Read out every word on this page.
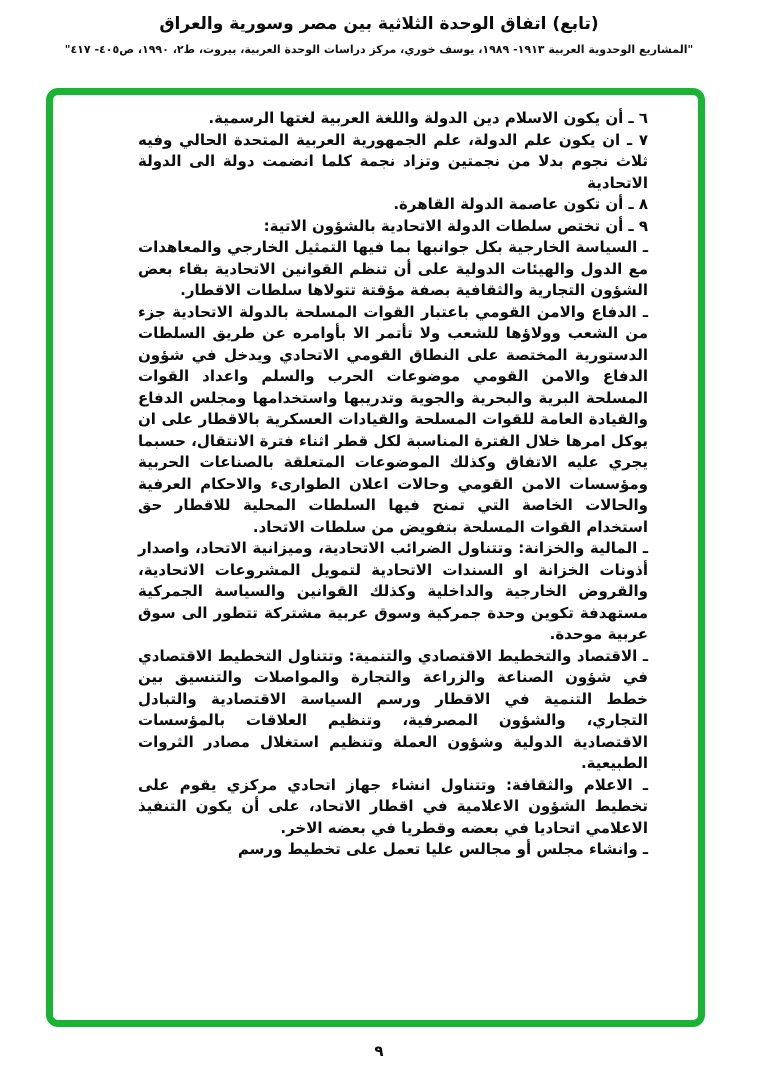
(تابع) اتفاق الوحدة الثلاثية بين مصر وسورية والعراق
"المشاريع الوحدوية العربية ١٩١٣- ١٩٨٩، يوسف خوري، مركز دراسات الوحدة العربية، بيروت، ط٢، ١٩٩٠، ص٤٠٥- ٤١٧"

٦ ـ أن يكون الاسلام دين الدولة واللغة العربية لغتها الرسمية.

٧ ـ ان يكون علم الدولة، علم الجمهورية العربية المتحدة الحالي وفيه ثلاث نجوم بدلا من نجمتين وتزاد نجمة كلما انضمت دولة الى الدولة الاتحادية

٨ ـ أن تكون عاصمة الدولة القاهرة.

٩ ـ أن تختص سلطات الدولة الاتحادية بالشؤون الاتية:

ـ السياسة الخارجية بكل جوانبها بما فيها التمثيل الخارجي والمعاهدات مع الدول والهيئات الدولية على أن تنظم القوانين الاتحادية بقاء بعض الشؤون التجارية والثقافية بصفة مؤقتة تتولاها سلطات الاقطار.

ـ الدفاع والامن القومي باعتبار القوات المسلحة بالدولة الاتحادية جزء من الشعب وولاؤها للشعب ولا تأتمر الا بأوامره عن طريق السلطات الدستورية المختصة على النطاق القومي الاتحادي ويدخل في شؤون الدفاع والامن القومي موضوعات الحرب والسلم واعداد القوات المسلحة البرية والبحرية والجوية وتدريبها واستخدامها ومجلس الدفاع والقيادة العامة للقوات المسلحة والقيادات العسكرية بالاقطار على ان يوكل امرها خلال الفترة المناسبة لكل قطر اثناء فترة الانتقال، حسبما يجري عليه الاتفاق وكذلك الموضوعات المتعلقة بالصناعات الحربية ومؤسسات الامن القومي وحالات اعلان الطوارىء والاحكام العرفية والحالات الخاصة التي تمنح فيها السلطات المحلية للاقطار حق استخدام القوات المسلحة بتفويض من سلطات الاتحاد.

ـ المالية والخزانة: وتتناول الضرائب الاتحادية، وميزانية الاتحاد، واصدار أذونات الخزانة او السندات الاتحادية لتمويل المشروعات الاتحادية، والقروض الخارجية والداخلية وكذلك القوانين والسياسة الجمركية مستهدفة تكوين وحدة جمركية وسوق عربية مشتركة تتطور الى سوق عربية موحدة.

ـ الاقتصاد والتخطيط الاقتصادي والتنمية: وتتناول التخطيط الاقتصادي في شؤون الصناعة والزراعة والتجارة والمواصلات والتنسيق بين خطط التنمية في الاقطار ورسم السياسة الاقتصادية والتبادل التجاري، والشؤون المصرفية، وتنظيم العلاقات بالمؤسسات الاقتصادية الدولية وشؤون العملة وتنظيم استغلال مصادر الثروات الطبيعية.

ـ الاعلام والثقافة: وتتناول انشاء جهاز اتحادي مركزي يقوم على تخطيط الشؤون الاعلامية في اقطار الاتحاد، على أن يكون التنفيذ الاعلامي اتحاديا في بعضه وقطريا في بعضه الاخر.

ـ وانشاء مجلس أو مجالس عليا تعمل على تخطيط ورسم

٩
